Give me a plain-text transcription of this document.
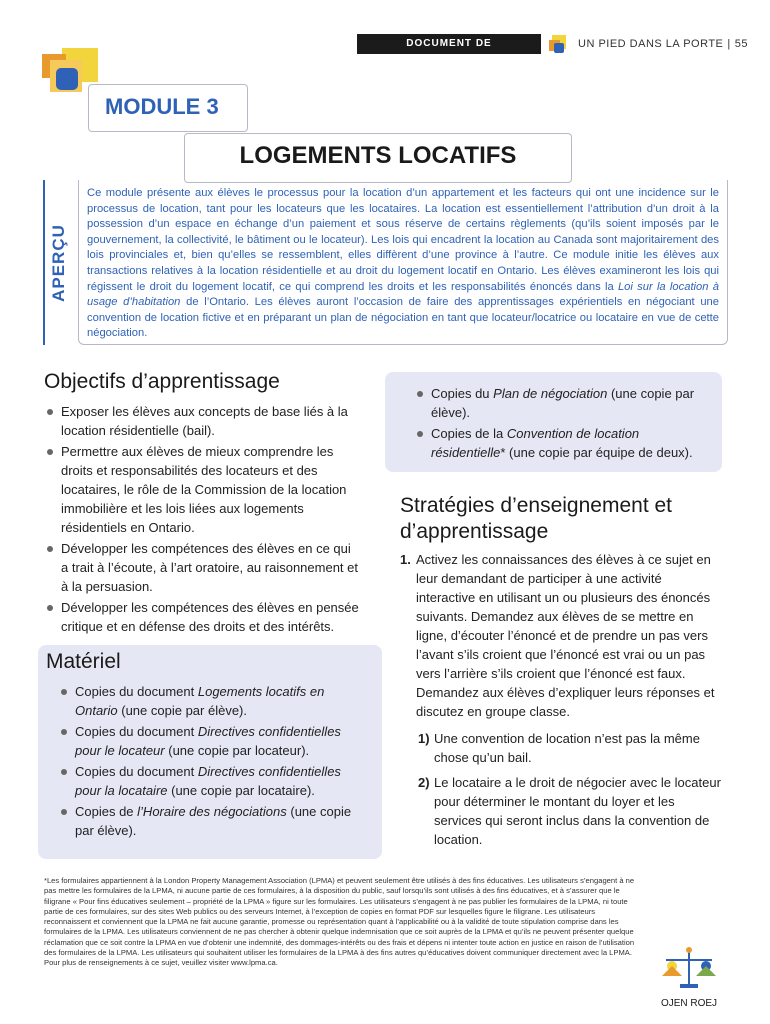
DOCUMENT DE L’ENSEIGNANT(E)
UN PIED DANS LA PORTE | 55
MODULE 3
LOGEMENTS LOCATIFS
APERÇU
Ce module présente aux élèves le processus pour la location d’un appartement et les facteurs qui ont une incidence sur le processus de location, tant pour les locateurs que les locataires. La location est essentiellement l’attribution d’un droit à la possession d’un espace en échange d’un paiement et sous réserve de certains règlements (qu’ils soient imposés par le gouvernement, la collectivité, le bâtiment ou le locateur). Les lois qui encadrent la location au Canada sont majoritairement des lois provinciales et, bien qu’elles se ressemblent, elles diffèrent d’une province à l’autre. Ce module initie les élèves aux transactions relatives à la location résidentielle et au droit du logement locatif en Ontario. Les élèves examineront les lois qui régissent le droit du logement locatif, ce qui comprend les droits et les responsabilités énoncés dans la Loi sur la location à usage d’habitation de l’Ontario. Les élèves auront l’occasion de faire des apprentissages expérientiels en négociant une convention de location fictive et en préparant un plan de négociation en tant que locateur/locatrice ou locataire en vue de cette négociation.
Objectifs d’apprentissage
Exposer les élèves aux concepts de base liés à la location résidentielle (bail).
Permettre aux élèves de mieux comprendre les droits et responsabilités des locateurs et des locataires, le rôle de la Commission de la location immobilière et les lois liées aux logements résidentiels en Ontario.
Développer les compétences des élèves en ce qui a trait à l’écoute, à l’art oratoire, au raisonnement et à la persuasion.
Développer les compétences des élèves en pensée critique et en défense des droits et des intérêts.
Matériel
Copies du document Logements locatifs en Ontario (une copie par élève).
Copies du document Directives confidentielles pour le locateur (une copie par locateur).
Copies du document Directives confidentielles pour la locataire (une copie par locataire).
Copies de l’Horaire des négociations (une copie par élève).
Copies du Plan de négociation (une copie par élève).
Copies de la Convention de location résidentielle* (une copie par équipe de deux).
Stratégies d’enseignement et d’apprentissage
1. Activez les connaissances des élèves à ce sujet en leur demandant de participer à une activité interactive en utilisant un ou plusieurs des énoncés suivants. Demandez aux élèves de se mettre en ligne, d’écouter l’énoncé et de prendre un pas vers l’avant s’ils croient que l’énoncé est vrai ou un pas vers l’arrière s’ils croient que l’énoncé est faux. Demandez aux élèves d’expliquer leurs réponses et discutez en groupe classe.
1) Une convention de location n’est pas la même chose qu’un bail.
2) Le locataire a le droit de négocier avec le locateur pour déterminer le montant du loyer et les services qui seront inclus dans la convention de location.
*Les formulaires appartiennent à la London Property Management Association (LPMA) et peuvent seulement être utilisés à des fins éducatives. Les utilisateurs s’engagent à ne pas mettre les formulaires de la LPMA, ni aucune partie de ces formulaires, à la disposition du public, sauf lorsqu’ils sont utilisés à des fins éducatives, et à s’assurer que le filigrane « Pour fins éducatives seulement – propriété de la LPMA » figure sur les formulaires. Les utilisateurs s’engagent à ne pas publier les formulaires de la LPMA, ni toute partie de ces formulaires, sur des sites Web publics ou des serveurs Internet, à l’exception de copies en format PDF sur lesquelles figure le filigrane. Les utilisateurs reconnaissent et conviennent que la LPMA ne fait aucune garantie, promesse ou représentation quant à l’applicabilité ou à la validité de toute stipulation comprise dans les formulaires de la LPMA. Les utilisateurs conviennent de ne pas chercher à obtenir quelque indemnisation que ce soit auprès de la LPMA et qu’ils ne peuvent présenter quelque réclamation que ce soit contre la LPMA en vue d’obtenir une indemnité, des dommages-intérêts ou des frais et dépens ni intenter toute action en justice en raison de l’utilisation des formulaires de la LPMA. Les utilisateurs qui souhaitent utiliser les formulaires de la LPMA à des fins autres qu’éducatives doivent communiquer directement avec la LPMA. Pour plus de renseignements à ce sujet, veuillez visiter www.lpma.ca.
OJEN ROEJ
